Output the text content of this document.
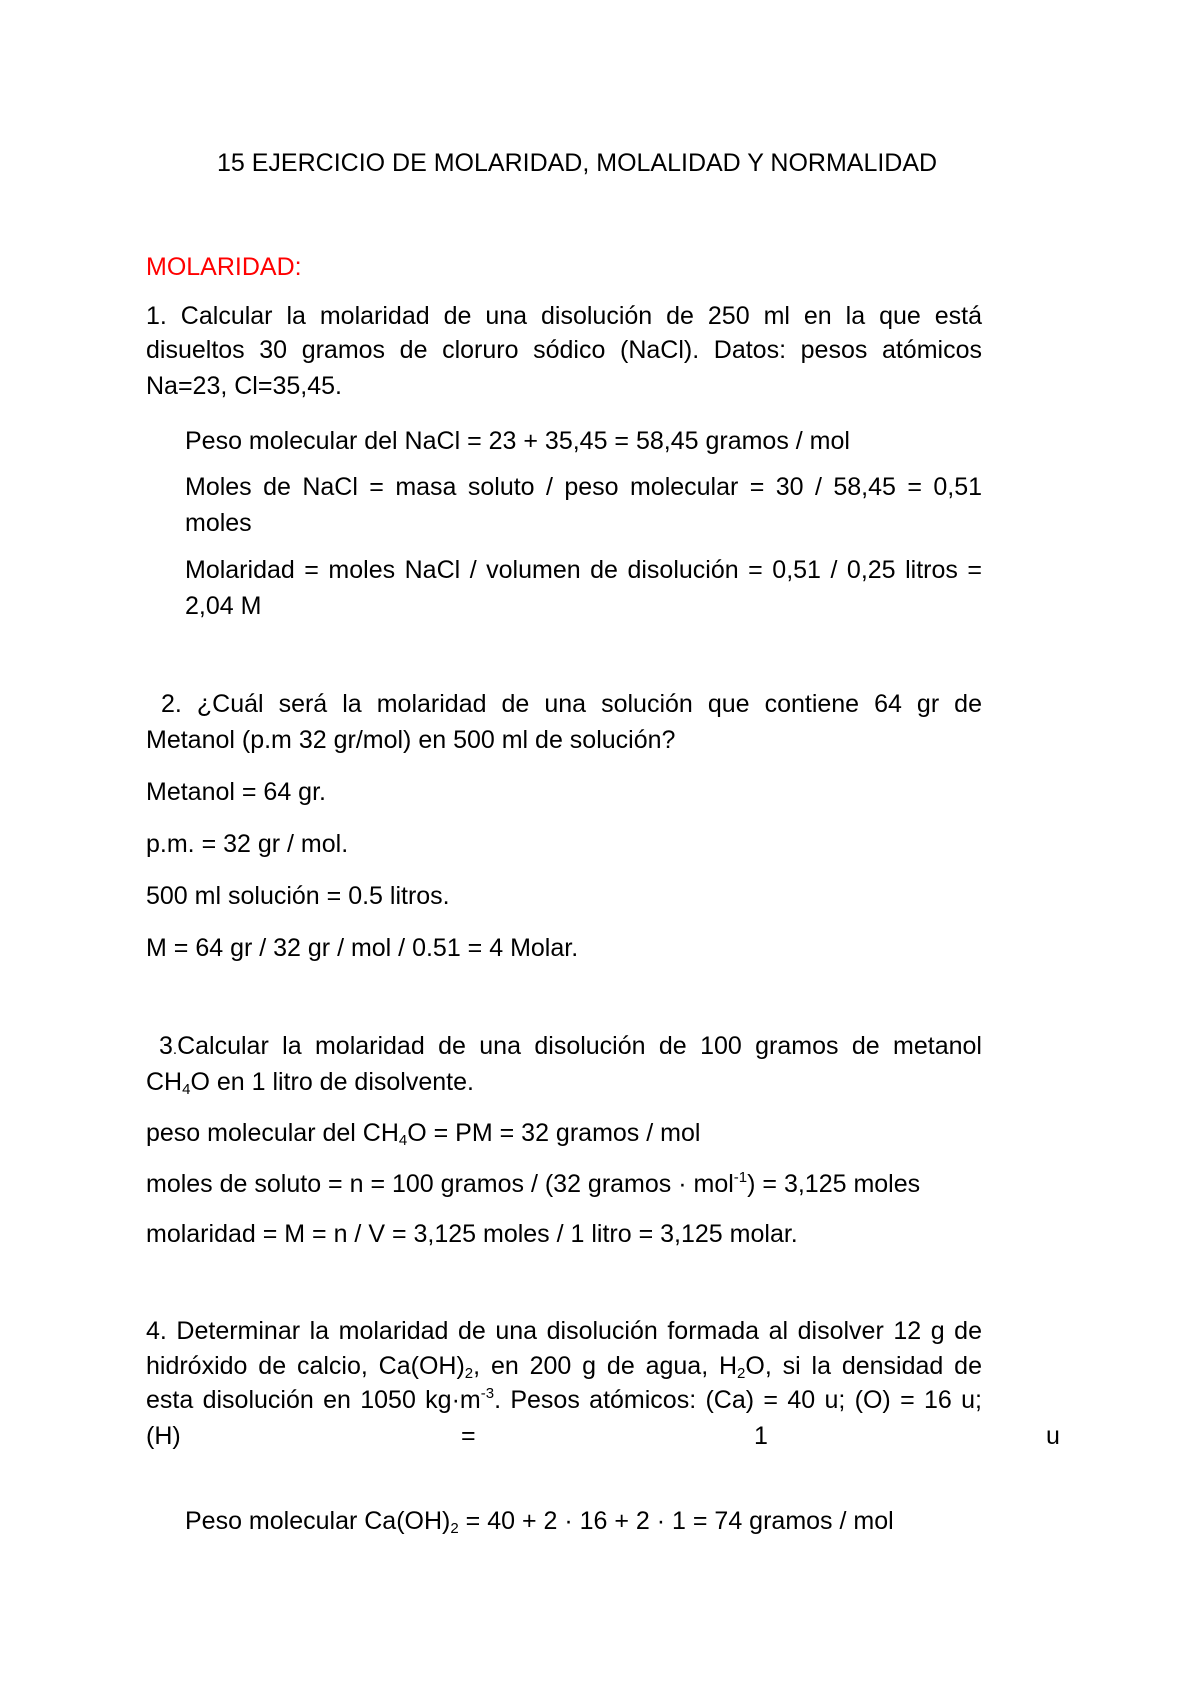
15 EJERCICIO DE MOLARIDAD, MOLALIDAD Y NORMALIDAD
MOLARIDAD:
1. Calcular la molaridad de una disolución de 250 ml en la que está
disueltos 30 gramos de cloruro sódico (NaCl). Datos: pesos atómicos
Na=23, Cl=35,45.
Peso molecular del NaCl = 23 + 35,45 = 58,45 gramos / mol
Moles de NaCl = masa soluto / peso molecular = 30 / 58,45 = 0,51
moles
Molaridad = moles NaCl / volumen de disolución = 0,51 / 0,25 litros =
2,04 M
2. ¿Cuál será la molaridad de una solución que contiene 64 gr de
Metanol (p.m 32 gr/mol) en 500 ml de solución?
Metanol = 64 gr.
p.m. = 32 gr / mol.
500 ml solución = 0.5 litros.
M = 64 gr / 32 gr / mol / 0.51 = 4 Molar.
3.Calcular la molaridad de una disolución de 100 gramos de metanol
$CH_4O$ en 1 litro de disolvente.
peso molecular del $CH_4O$ = PM = 32 gramos / mol
moles de soluto = n = 100 gramos / (32 gramos · mol$^{-1}$) = 3,125 moles
molaridad = M = n / V = 3,125 moles / 1 litro = 3,125 molar.
4. Determinar la molaridad de una disolución formada al disolver 12 g de
hidróxido de calcio, $Ca(OH)_2$, en 200 g de agua, $H_2O$, si la densidad de
esta disolución en 1050 $kg\cdot m^{-3}$. Pesos atómicos: (Ca) = 40 u; (O) = 16 u;
(H)	=	1	u
Peso molecular $Ca(OH)_2 = 40 + 2 \cdot 16 + 2 \cdot 1 = 74$ gramos / mol
